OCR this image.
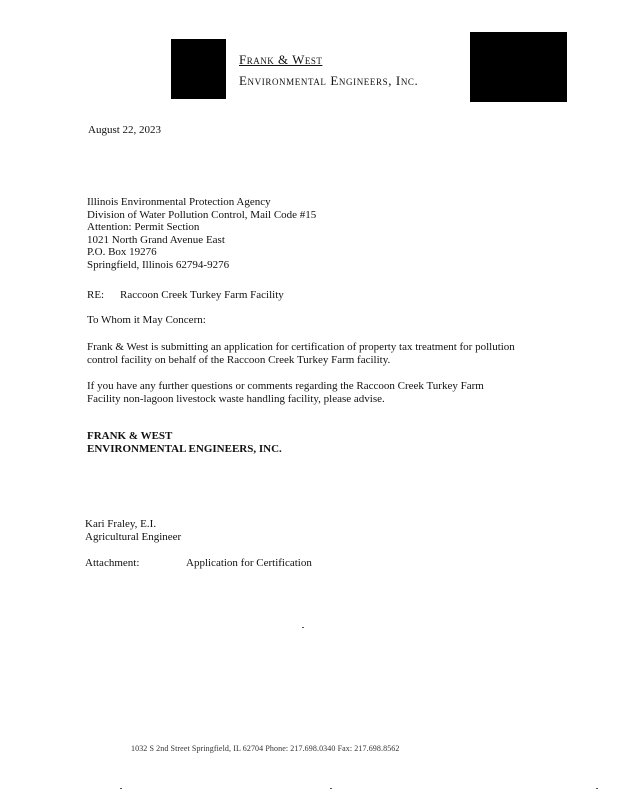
Frank & West
Environmental Engineers, Inc.
August 22, 2023
Illinois Environmental Protection Agency
Division of Water Pollution Control, Mail Code #15
Attention: Permit Section
1021 North Grand Avenue East
P.O. Box 19276
Springfield, Illinois 62794-9276
RE: Raccoon Creek Turkey Farm Facility
To Whom it May Concern:
Frank & West is submitting an application for certification of property tax treatment for pollution
control facility on behalf of the Raccoon Creek Turkey Farm facility.
If you have any further questions or comments regarding the Raccoon Creek Turkey Farm
Facility non-lagoon livestock waste handling facility, please advise.
FRANK & WEST
ENVIRONMENTAL ENGINEERS, INC.
Kari Fraley, E.I.
Agricultural Engineer
Attachment:	Application for Certification
1032 S 2nd Street Springfield, IL 62704 Phone: 217.698.0340 Fax: 217.698.8562
